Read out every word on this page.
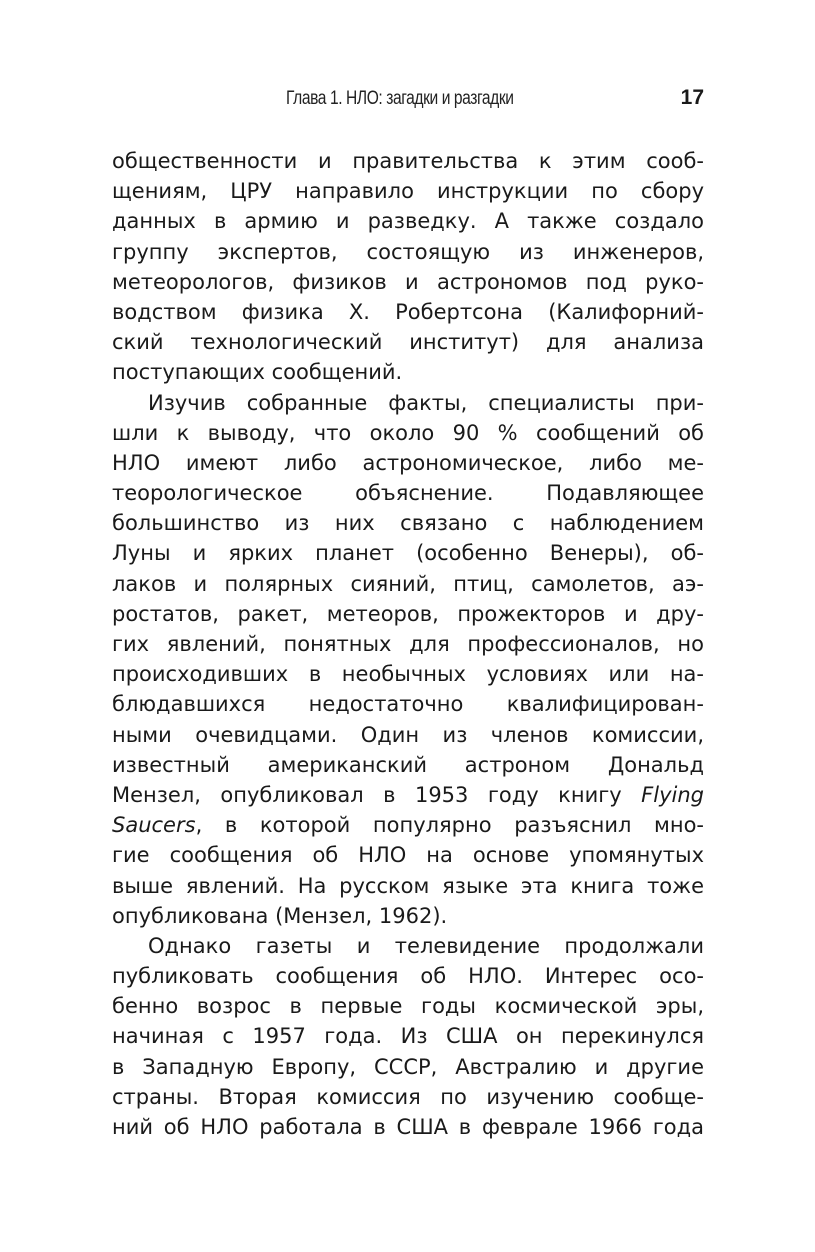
Глава 1. НЛО: загадки и разгадки	17
общественности и правительства к этим сооб-
щениям, ЦРУ направило инструкции по сбору
данных в армию и разведку. А также создало
группу экспертов, состоящую из инженеров,
метеорологов, физиков и астрономов под руко-
водством физика Х. Робертсона (Калифорний-
ский технологический институт) для анализа
поступающих сообщений.
Изучив собранные факты, специалисты при-
шли к выводу, что около 90 % сообщений об
НЛО имеют либо астрономическое, либо ме-
теорологическое объяснение. Подавляющее
большинство из них связано с наблюдением
Луны и ярких планет (особенно Венеры), об-
лаков и полярных сияний, птиц, самолетов, аэ-
ростатов, ракет, метеоров, прожекторов и дру-
гих явлений, понятных для профессионалов, но
происходивших в необычных условиях или на-
блюдавшихся недостаточно квалифицирован-
ными очевидцами. Один из членов комиссии,
известный американский астроном Дональд
Мензел, опубликовал в 1953 году книгу Flying
Saucers, в которой популярно разъяснил мно-
гие сообщения об НЛО на основе упомянутых
выше явлений. На русском языке эта книга тоже
опубликована (Мензел, 1962).
Однако газеты и телевидение продолжали
публиковать сообщения об НЛО. Интерес осо-
бенно возрос в первые годы космической эры,
начиная с 1957 года. Из США он перекинулся
в Западную Европу, СССР, Австралию и другие
страны. Вторая комиссия по изучению сообще-
ний об НЛО работала в США в феврале 1966 года
